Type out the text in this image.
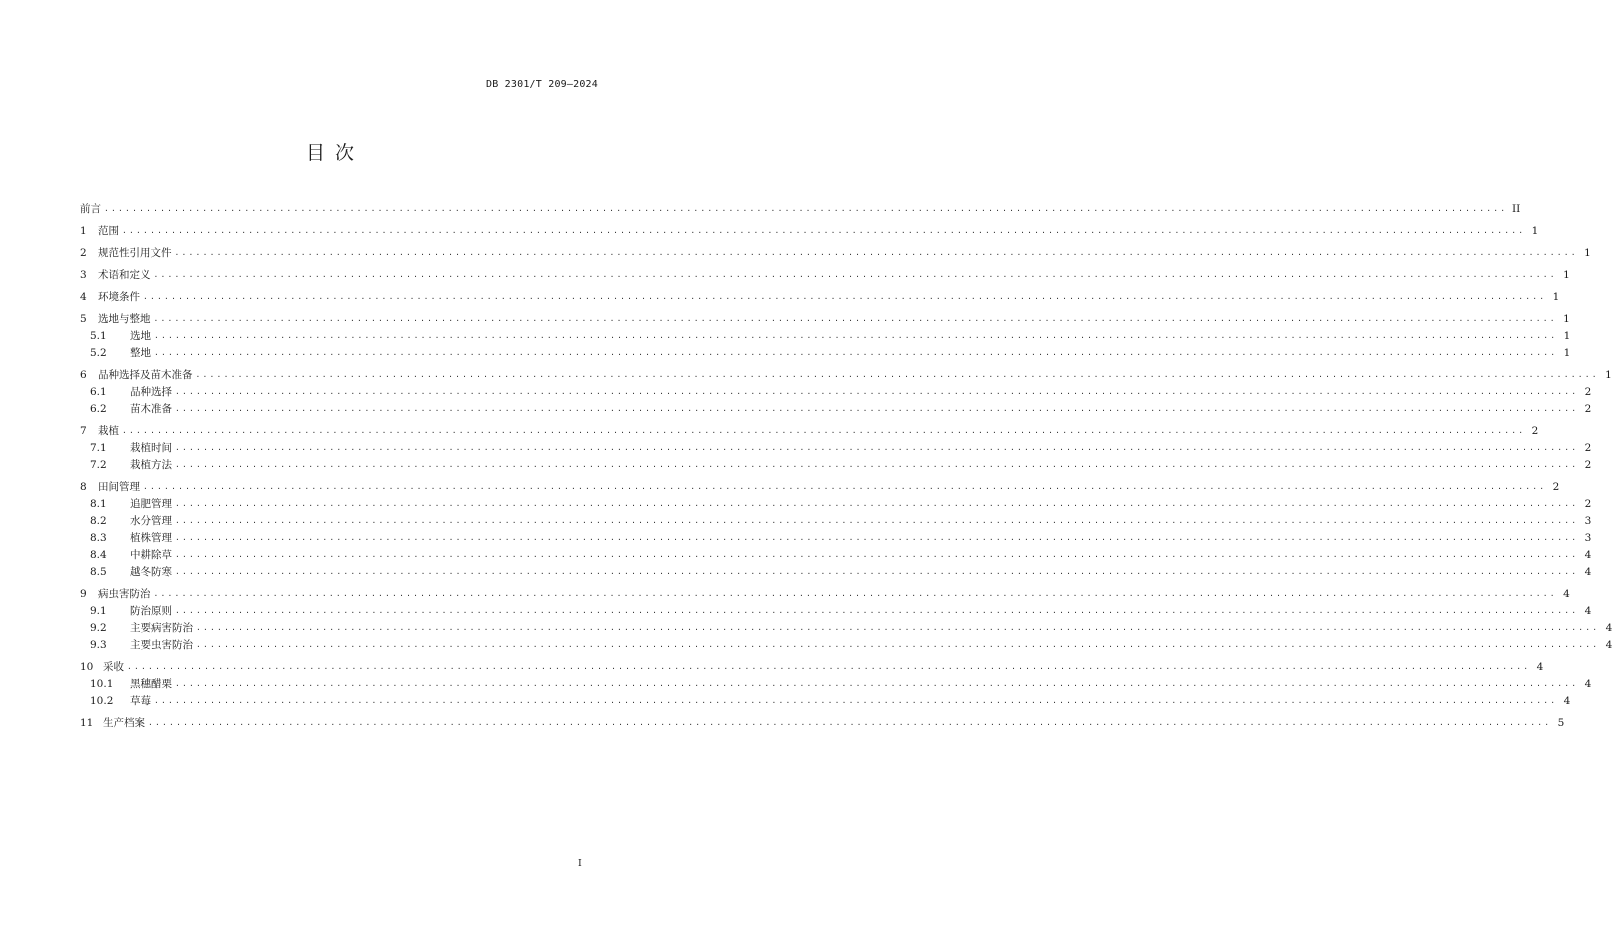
DB 2301/T 209—2024
目 次
前言 ........................................................................................................................................................................................................ II
1	范围 ........................................................................................................................................................................................................ 1
2	规范性引用文件 ........................................................................................................................................................................................................ 1
3	术语和定义 ........................................................................................................................................................................................................ 1
4	环境条件 ........................................................................................................................................................................................................ 1
5	选地与整地 ........................................................................................................................................................................................................ 1
5.1	选地 ........................................................................................................................................................................................................ 1
5.2	整地 ........................................................................................................................................................................................................ 1
6	品种选择及苗木准备 ........................................................................................................................................................................................................ 1
6.1	品种选择 ........................................................................................................................................................................................................ 2
6.2	苗木准备 ........................................................................................................................................................................................................ 2
7	栽植 ........................................................................................................................................................................................................ 2
7.1	栽植时间 ........................................................................................................................................................................................................ 2
7.2	栽植方法 ........................................................................................................................................................................................................ 2
8	田间管理 ........................................................................................................................................................................................................ 2
8.1	追肥管理 ........................................................................................................................................................................................................ 2
8.2	水分管理 ........................................................................................................................................................................................................ 3
8.3	植株管理 ........................................................................................................................................................................................................ 3
8.4	中耕除草 ........................................................................................................................................................................................................ 4
8.5	越冬防寒 ........................................................................................................................................................................................................ 4
9	病虫害防治 ........................................................................................................................................................................................................ 4
9.1	防治原则 ........................................................................................................................................................................................................ 4
9.2	主要病害防治 ........................................................................................................................................................................................................ 4
9.3	主要虫害防治 ........................................................................................................................................................................................................ 4
10 采收 ........................................................................................................................................................................................................ 4
10.1	黑穗醋栗 ........................................................................................................................................................................................................ 4
10.2	草莓 ........................................................................................................................................................................................................ 4
11 生产档案 ........................................................................................................................................................................................................ 5
I
